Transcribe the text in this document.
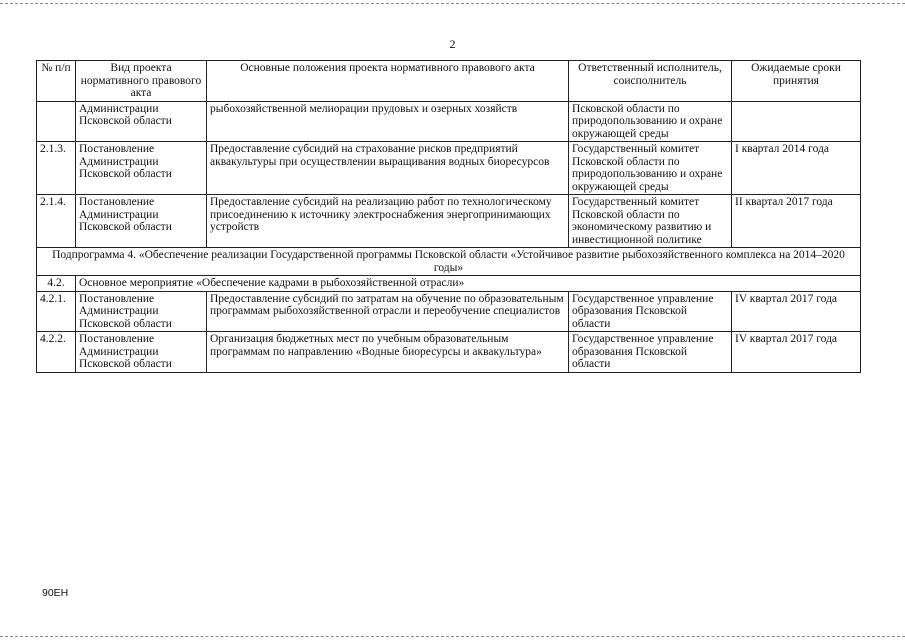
2
№ п/п	Вид проекта нормативного правового акта	Основные положения проекта нормативного правового акта	Ответственный исполнитель, соисполнитель	Ожидаемые сроки принятия
	Администрации Псковской области	рыбохозяйственной мелиорации прудовых и озерных хозяйств	Псковской области по природопользованию и охране окружающей среды	
2.1.3.	Постановление Администрации Псковской области	Предоставление субсидий на страхование рисков предприятий аквакультуры при осуществлении выращивания водных биоресурсов	Государственный комитет Псковской области по природопользованию и охране окружающей среды	I квартал 2014 года
2.1.4.	Постановление Администрации Псковской области	Предоставление субсидий на реализацию работ по технологическому присоединению к источнику электроснабжения энергопринимающих устройств	Государственный комитет Псковской области по экономическому развитию и инвестиционной политике	II квартал 2017 года
Подпрограмма 4. «Обеспечение реализации Государственной программы Псковской области «Устойчивое развитие рыбохозяйственного комплекса на 2014–2020 годы»				
4.2.	Основное мероприятие «Обеспечение кадрами в рыбохозяйственной отрасли»			
4.2.1.	Постановление Администрации Псковской области	Предоставление субсидий по затратам на обучение по образовательным программам рыбохозяйственной отрасли и переобучение специалистов	Государственное управление образования Псковской области	IV квартал 2017 года
4.2.2.	Постановление Администрации Псковской области	Организация бюджетных мест по учебным образовательным программам по направлению «Водные биоресурсы и аквакультура»	Государственное управление образования Псковской области	IV квартал 2017 года
90ЕН
